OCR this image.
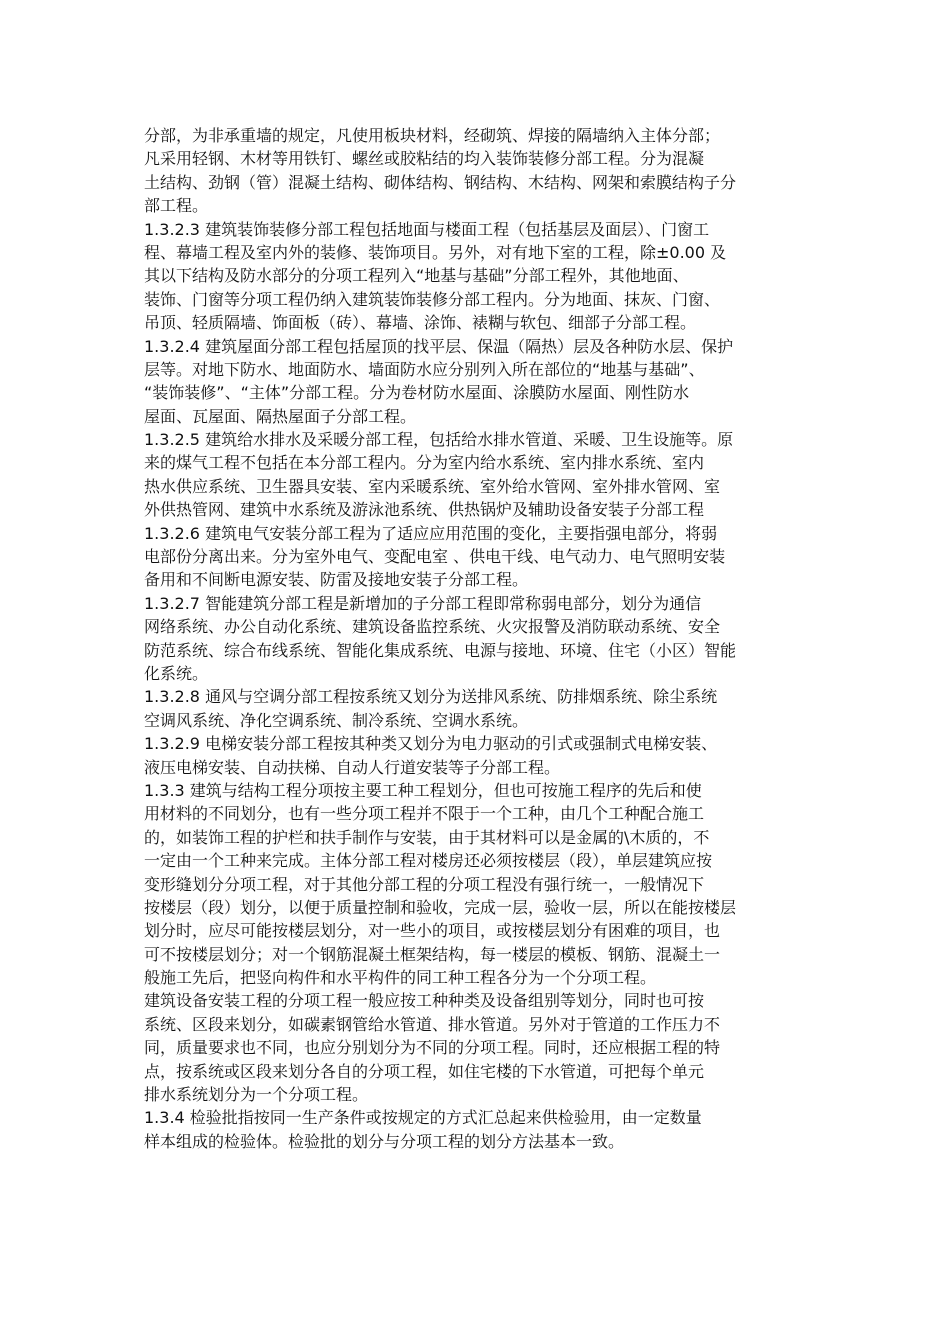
分部，为非承重墙的规定，凡使用板块材料，经砌筑、焊接的隔墙纳入主体分部；
凡采用轻钢、木材等用铁钉、螺丝或胶粘结的均入装饰装修分部工程。分为混凝
土结构、劲钢（管）混凝土结构、砌体结构、钢结构、木结构、网架和索膜结构子分
部工程。
1.3.2.3 建筑装饰装修分部工程包括地面与楼面工程（包括基层及面层）、门窗工
程、幕墙工程及室内外的装修、装饰项目。另外，对有地下室的工程，除±0.00 及
其以下结构及防水部分的分项工程列入“地基与基础”分部工程外，其他地面、
装饰、门窗等分项工程仍纳入建筑装饰装修分部工程内。分为地面、抹灰、门窗、
吊顶、轻质隔墙、饰面板（砖）、幕墙、涂饰、裱糊与软包、细部子分部工程。
1.3.2.4 建筑屋面分部工程包括屋顶的找平层、保温（隔热）层及各种防水层、保护
层等。对地下防水、地面防水、墙面防水应分别列入所在部位的“地基与基础”、
“装饰装修”、“主体”分部工程。分为卷材防水屋面、涂膜防水屋面、刚性防水
屋面、瓦屋面、隔热屋面子分部工程。
1.3.2.5 建筑给水排水及采暖分部工程，包括给水排水管道、采暖、卫生设施等。原
来的煤气工程不包括在本分部工程内。分为室内给水系统、室内排水系统、室内
热水供应系统、卫生器具安装、室内采暖系统、室外给水管网、室外排水管网、室
外供热管网、建筑中水系统及游泳池系统、供热锅炉及辅助设备安装子分部工程
1.3.2.6 建筑电气安装分部工程为了适应应用范围的变化，主要指强电部分，将弱
电部份分离出来。分为室外电气、变配电室 、供电干线、电气动力、电气照明安装
备用和不间断电源安装、防雷及接地安装子分部工程。
1.3.2.7 智能建筑分部工程是新增加的子分部工程即常称弱电部分，划分为通信
网络系统、办公自动化系统、建筑设备监控系统、火灾报警及消防联动系统、安全
防范系统、综合布线系统、智能化集成系统、电源与接地、环境、住宅（小区）智能
化系统。
1.3.2.8 通风与空调分部工程按系统又划分为送排风系统、防排烟系统、除尘系统
空调风系统、净化空调系统、制冷系统、空调水系统。
1.3.2.9 电梯安装分部工程按其种类又划分为电力驱动的引式或强制式电梯安装、
液压电梯安装、自动扶梯、自动人行道安装等子分部工程。
1.3.3 建筑与结构工程分项按主要工种工程划分，但也可按施工程序的先后和使
用材料的不同划分，也有一些分项工程并不限于一个工种，由几个工种配合施工
的，如装饰工程的护栏和扶手制作与安装，由于其材料可以是金属的\木质的，不
一定由一个工种来完成。主体分部工程对楼房还必须按楼层（段），单层建筑应按
变形缝划分分项工程，对于其他分部工程的分项工程没有强行统一，一般情况下
按楼层（段）划分，以便于质量控制和验收，完成一层，验收一层，所以在能按楼层
划分时，应尽可能按楼层划分，对一些小的项目，或按楼层划分有困难的项目，也
可不按楼层划分；对一个钢筋混凝土框架结构，每一楼层的模板、钢筋、混凝土一
般施工先后，把竖向构件和水平构件的同工种工程各分为一个分项工程。
建筑设备安装工程的分项工程一般应按工种种类及设备组别等划分，同时也可按
系统、区段来划分，如碳素钢管给水管道、排水管道。另外对于管道的工作压力不
同，质量要求也不同，也应分别划分为不同的分项工程。同时，还应根据工程的特
点，按系统或区段来划分各自的分项工程，如住宅楼的下水管道，可把每个单元
排水系统划分为一个分项工程。
1.3.4 检验批指按同一生产条件或按规定的方式汇总起来供检验用，由一定数量
样本组成的检验体。检验批的划分与分项工程的划分方法基本一致。
